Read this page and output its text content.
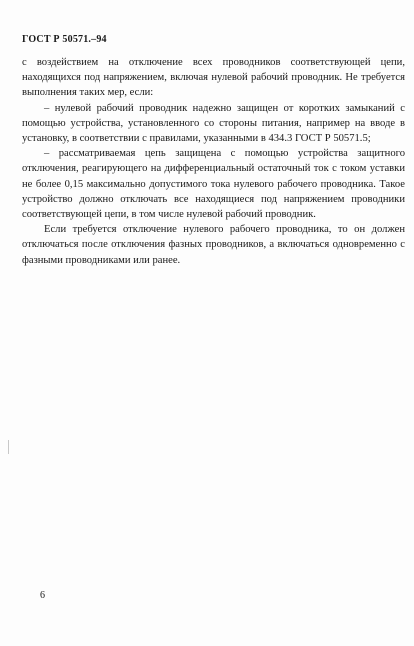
ГОСТ Р 50571.–94

с воздействием на отключение всех проводников соответствующей цепи, находящихся под напряжением, включая нулевой рабочий проводник. Не требуется выполнения таких мер, если:

– нулевой рабочий проводник надежно защищен от коротких замыканий с помощью устройства, установленного со стороны питания, например на вводе в установку, в соответствии с правилами, указанными в 434.3 ГОСТ Р 50571.5;

– рассматриваемая цепь защищена с помощью устройства защитного отключения, реагирующего на дифференциальный остаточный ток с током уставки не более 0,15 максимально допустимого тока нулевого рабочего проводника. Такое устройство должно отключать все находящиеся под напряжением проводники соответствующей цепи, в том числе нулевой рабочий проводник.

Если требуется отключение нулевого рабочего проводника, то он должен отключаться после отключения фазных проводников, а включаться одновременно с фазными проводниками или ранее.

6
